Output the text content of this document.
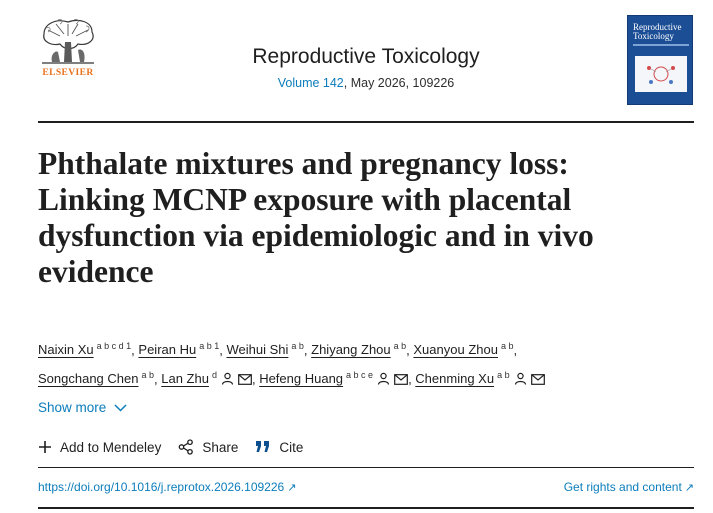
ELSEVIER
Reproductive Toxicology
Volume 142, May 2026, 109226
Reproductive
Toxicology
Phthalate mixtures and pregnancy loss: Linking MCNP exposure with placental dysfunction via epidemiologic and in vivo evidence
Naixin Xu $^{a b c d 1}$, Peiran Hu $^{a b 1}$, Weihui Shi $^{a b}$, Zhiyang Zhou $^{a b}$, Xuanyou Zhou $^{a b}$,
Songchang Chen $^{a b}$, Lan Zhu $^d$	, Hefeng Huang $^{a b c e}$	, Chenming Xu $^{a b}$
Show more
Add to Mendeley	Share	Cite
https://doi.org/10.1016/j.reprotox.2026.109226 ↗	Get rights and content ↗
